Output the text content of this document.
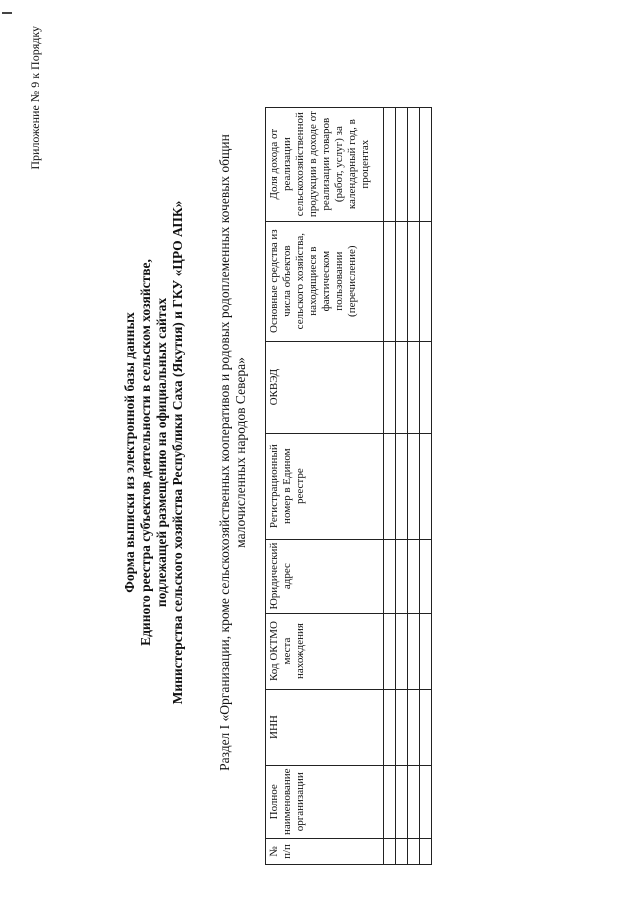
Приложение № 9 к Порядку
Форма выписки из электронной базы данных Единого реестра субъектов деятельности в сельском хозяйстве, подлежащей размещению на официальных сайтах Министерства сельского хозяйства Республики Саха (Якутия) и ГКУ «ЦРО АПК» Раздел I «Организации, кроме сельскохозяйственных кооперативов и родовых родоплеменных кочевых общин малочисленных народов Севера»
№ п/п	Полное наименование организации	ИНН	Код ОКТМО места нахождения	Юридический адрес	Регистрационный номер в Едином реестре	ОКВЭД	Основные средства из числа объектов сельского хозяйства, находящиеся в фактическом пользовании (перечисление)	Доля дохода от реализации сельскохозяйственной продукции в доходе от реализации товаров (работ, услуг) за календарный год, в процентах
